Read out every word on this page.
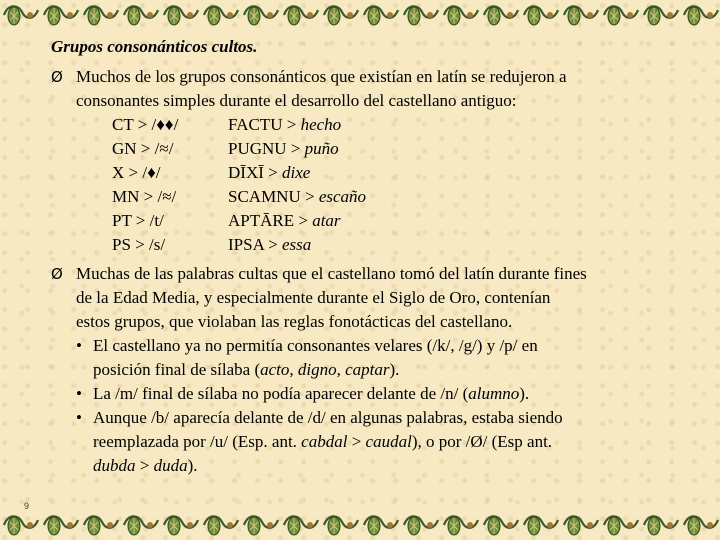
Grupos consonánticos cultos.
Ø Muchos de los grupos consonánticos que existían en latín se redujeron a
consonantes simples durante el desarrollo del castellano antiguo:
CT > /♦♦/	FACTU > hecho
GN > /≈/	PUGNU > puño
X > /♦/	DĪXĪ > dixe
MN > /≈/	SCAMNU > escaño
PT > /t/	APTĀRE > atar
PS > /s/	IPSA > essa
Ø Muchas de las palabras cultas que el castellano tomó del latín durante fines
de la Edad Media, y especialmente durante el Siglo de Oro, contenían
estos grupos, que violaban las reglas fonotácticas del castellano.
• El castellano ya no permitía consonantes velares (/k/, /g/) y /p/ en
posición final de sílaba (acto, digno, captar).
• La /m/ final de sílaba no podía aparecer delante de /n/ (alumno).
• Aunque /b/ aparecía delante de /d/ en algunas palabras, estaba siendo
reemplazada por /u/ (Esp. ant. cabdal > caudal), o por /Ø/ (Esp ant.
dubda > duda).
9
